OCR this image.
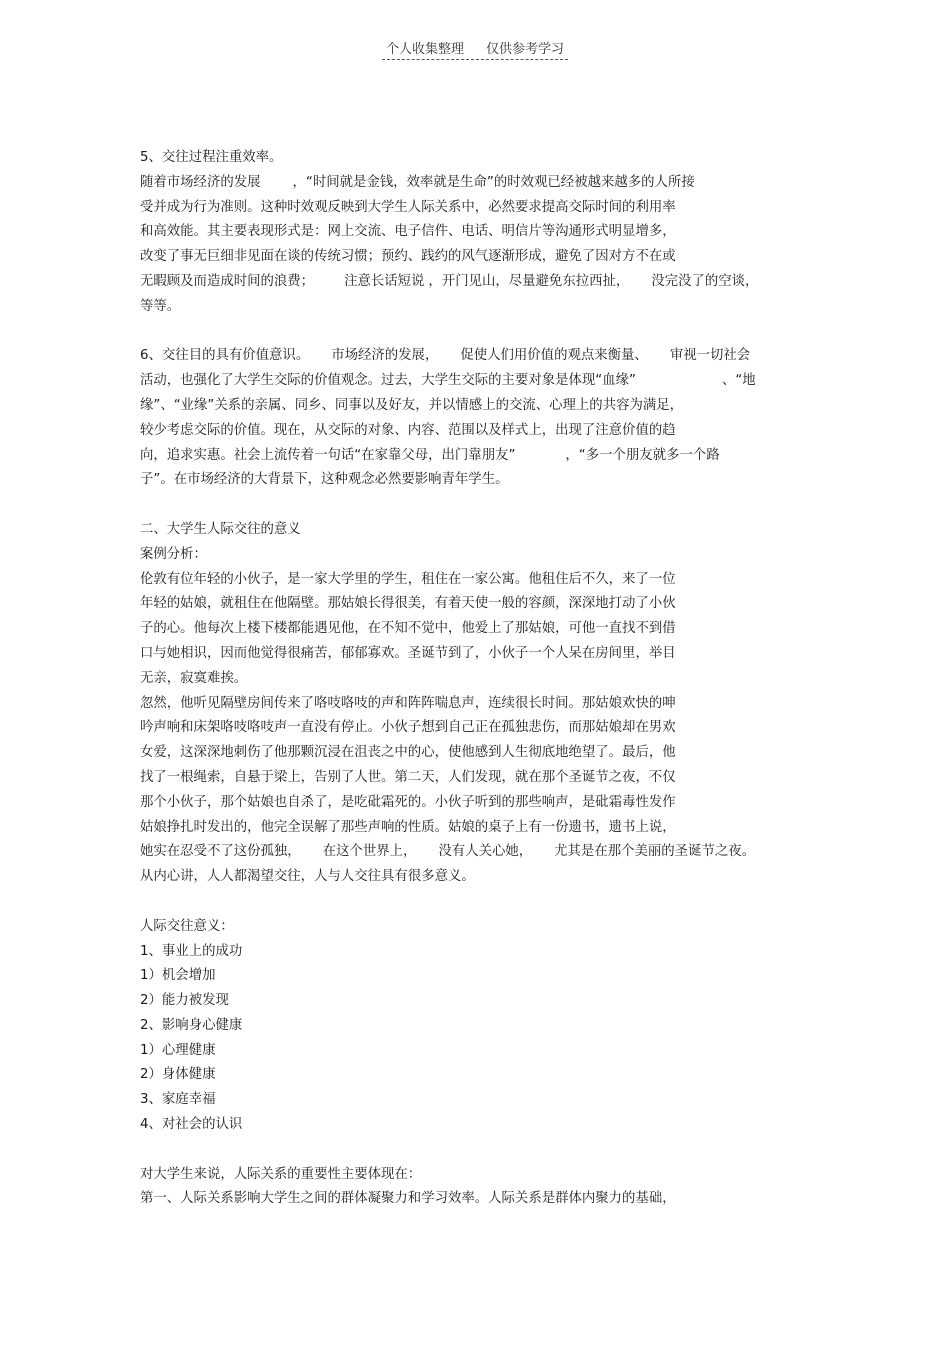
个人收集整理 仅供参考学习
5、交往过程注重效率。
随着市场经济的发展 ，“时间就是金钱，效率就是生命”的时效观已经被越来越多的人所接
受并成为行为准则。这种时效观反映到大学生人际关系中，必然要求提高交际时间的利用率
和高效能。其主要表现形式是：网上交流、电子信件、电话、明信片等沟通形式明显增多，
改变了事无巨细非见面在谈的传统习惯；预约、践约的风气逐渐形成，避免了因对方不在或
无暇顾及而造成时间的浪费； 注意长话短说 ，开门见山，尽量避免东拉西扯， 没完没了的空谈，
等等。
6、交往目的具有价值意识。 市场经济的发展， 促使人们用价值的观点来衡量、 审视一切社会
活动，也强化了大学生交际的价值观念。过去，大学生交际的主要对象是体现“血缘”	、“地
缘”、“业缘”关系的亲属、同乡、同事以及好友，并以情感上的交流、心理上的共容为满足，
较少考虑交际的价值。现在，从交际的对象、内容、范围以及样式上，出现了注意价值的趋
向，追求实惠。社会上流传着一句话“在家靠父母，出门靠朋友”	，“多一个朋友就多一个路
子”。在市场经济的大背景下，这种观念必然要影响青年学生。
二、大学生人际交往的意义
案例分析：
伦敦有位年轻的小伙子，是一家大学里的学生，租住在一家公寓。他租住后不久，来了一位
年轻的姑娘，就租住在他隔壁。那姑娘长得很美，有着天使一般的容颜，深深地打动了小伙
子的心。他每次上楼下楼都能遇见他，在不知不觉中，他爱上了那姑娘，可他一直找不到借
口与她相识，因而他觉得很痛苦，郁郁寡欢。圣诞节到了，小伙子一个人呆在房间里，举目
无亲，寂寞难挨。
忽然，他听见隔壁房间传来了咯吱咯吱的声和阵阵喘息声，连续很长时间。那姑娘欢快的呻
吟声响和床架咯吱咯吱声一直没有停止。小伙子想到自己正在孤独悲伤，而那姑娘却在男欢
女爱，这深深地刺伤了他那颗沉浸在沮丧之中的心，使他感到人生彻底地绝望了。最后，他
找了一根绳索，自悬于梁上，告别了人世。第二天，人们发现，就在那个圣诞节之夜，不仅
那个小伙子，那个姑娘也自杀了，是吃砒霜死的。小伙子听到的那些响声，是砒霜毒性发作
姑娘挣扎时发出的，他完全误解了那些声响的性质。姑娘的桌子上有一份遗书，遗书上说，
她实在忍受不了这份孤独， 在这个世界上， 没有人关心她， 尤其是在那个美丽的圣诞节之夜。
从内心讲，人人都渴望交往，人与人交往具有很多意义。
人际交往意义：
1、事业上的成功
1）机会增加
2）能力被发现
2、影响身心健康
1）心理健康
2）身体健康
3、家庭幸福
4、对社会的认识
对大学生来说，人际关系的重要性主要体现在：
第一、人际关系影响大学生之间的群体凝聚力和学习效率。人际关系是群体内聚力的基础，
